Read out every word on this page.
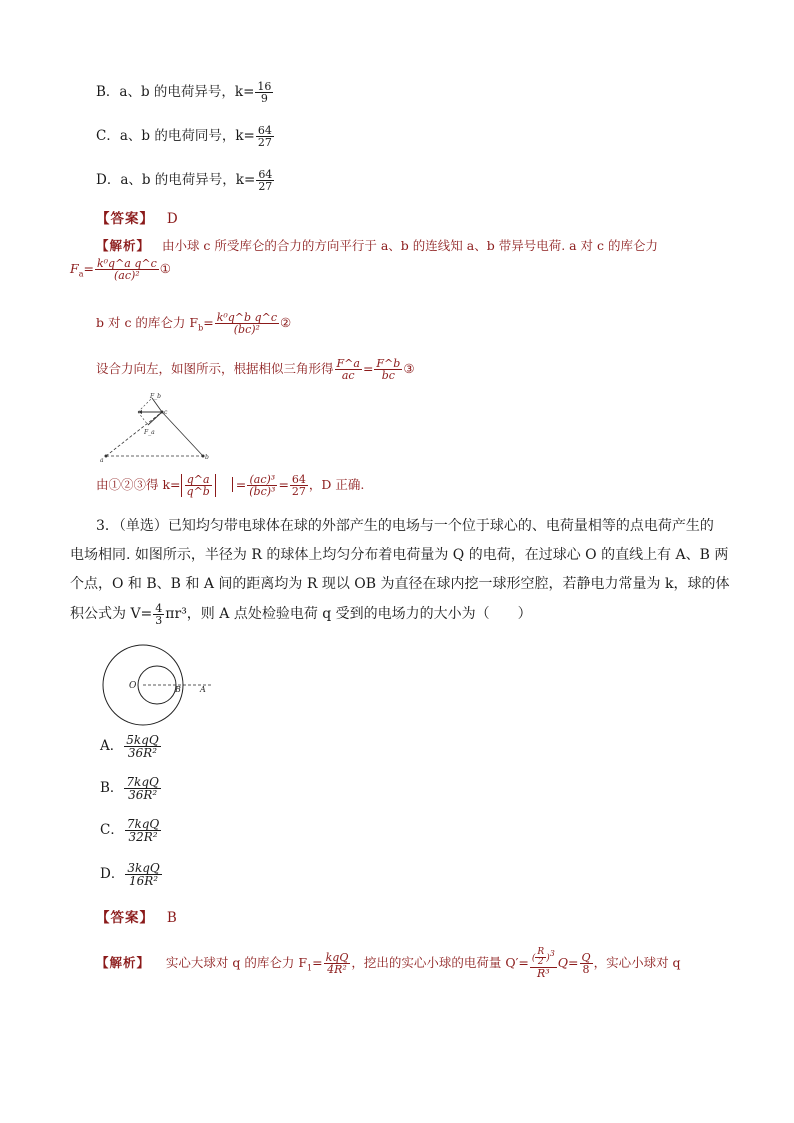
B．a、b 的电荷异号，$k= \frac{16}{9}$
C．a、b 的电荷同号，$k= \frac{64}{27}$
D．a、b 的电荷异号，$k= \frac{64}{27}$
【答案】 D
【解析】 由小球 c 所受库仑的合力的方向平行于 a、b 的连线知 a、b 带异号电荷. a 对 c 的库仑力
$F_a= \frac{\text{k⁰q\textasciicircum{}a q\textasciicircum{}c}}{\text{(ac)²}}$ ①
b 对 c 的库仑力 $F_b= \frac{\text{k⁰q\textasciicircum{}b q\textasciicircum{}c}}{\text{(bc)²}}$ ②
设合力向左，如图所示，根据相似三角形得 $\frac{F\^{}a}{ac} = \frac{F\^{}b}{bc}$ ③
F_b
c
F_a
a	b
由①②③得 $k= \frac{q\^{}a}{q\^{}b} = \frac{\text{(ac)³}}{\text{(bc)³}} = \frac{64}{27}$ ，D 正确.
3．（单选）已知均匀带电球体在球的外部产生的电场与一个位于球心的、电荷量相等的点电荷产生的
电场相同. 如图所示，半径为 R 的球体上均匀分布着电荷量为 Q 的电荷，在过球心 O 的直线上有 A、B 两
个点，O 和 B、B 和 A 间的距离均为 R 现以 OB 为直径在球内挖一球形空腔，若静电力常量为 k，球的体
积公式为 $V= \frac{4}{3} \pi r^3$，则 A 点处检验电荷 q 受到的电场力的大小为（　　）
O	B A
A． $\frac{\text{5kqQ}}{\text{36R²}}$
B． $\frac{\text{7kqQ}}{\text{36R²}}$
C． $\frac{\text{7kqQ}}{\text{32R²}}$
D． $\frac{\text{3kqQ}}{\text{16R²}}$
【答案】 B
【解析】 实心大球对 q 的库仑力 $F_1= \frac{\text{kqQ}}{\text{4R²}}$ ，挖出的实心小球的电荷量 $Q'= \frac{( \frac{R}{2} )^3}{\text{R³}} Q= \frac{Q}{8}$ ，实心小球对 q
